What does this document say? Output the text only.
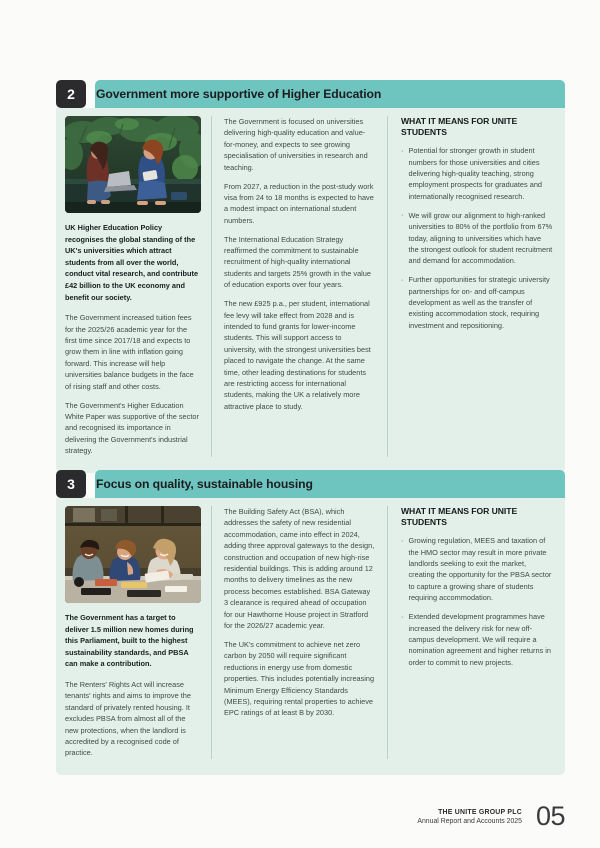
2	Government more supportive of Higher Education

UK Higher Education Policy recognises the global standing of the UK's universities which attract students from all over the world, conduct vital research, and contribute £42 billion to the UK economy and benefit our society.

The Government increased tuition fees for the 2025/26 academic year for the first time since 2017/18 and expects to grow them in line with inflation going forward. This increase will help universities balance budgets in the face of rising staff and other costs.

The Government's Higher Education White Paper was supportive of the sector and recognised its importance in delivering the Government's industrial strategy.

The Government is focused on universities delivering high-quality education and value-for-money, and expects to see growing specialisation of universities in research and teaching.

From 2027, a reduction in the post-study work visa from 24 to 18 months is expected to have a modest impact on international student numbers.

The International Education Strategy reaffirmed the commitment to sustainable recruitment of high-quality international students and targets 25% growth in the value of education exports over four years.

The new £925 p.a., per student, international fee levy will take effect from 2028 and is intended to fund grants for lower-income students. This will support access to university, with the strongest universities best placed to navigate the change. At the same time, other leading destinations for students are restricting access for international students, making the UK a relatively more attractive place to study.

WHAT IT MEANS FOR UNITE STUDENTS
· Potential for stronger growth in student numbers for those universities and cities delivering high-quality teaching, strong employment prospects for graduates and internationally recognised research.
· We will grow our alignment to high-ranked universities to 80% of the portfolio from 67% today, aligning to universities which have the strongest outlook for student recruitment and demand for accommodation.
· Further opportunities for strategic university partnerships for on- and off-campus development as well as the transfer of existing accommodation stock, requiring investment and repositioning.
3	Focus on quality, sustainable housing

The Government has a target to deliver 1.5 million new homes during this Parliament, built to the highest sustainability standards, and PBSA can make a contribution.

The Renters' Rights Act will increase tenants' rights and aims to improve the standard of privately rented housing. It excludes PBSA from almost all of the new protections, when the landlord is accredited by a recognised code of practice.

The Building Safety Act (BSA), which addresses the safety of new residential accommodation, came into effect in 2024, adding three approval gateways to the design, construction and occupation of new high-rise residential buildings. This is adding around 12 months to delivery timelines as the new process becomes established. BSA Gateway 3 clearance is required ahead of occupation for our Hawthorne House project in Stratford for the 2026/27 academic year.

The UK's commitment to achieve net zero carbon by 2050 will require significant reductions in energy use from domestic properties. This includes potentially increasing Minimum Energy Efficiency Standards (MEES), requiring rental properties to achieve EPC ratings of at least B by 2030.

WHAT IT MEANS FOR UNITE STUDENTS
· Growing regulation, MEES and taxation of the HMO sector may result in more private landlords seeking to exit the market, creating the opportunity for the PBSA sector to capture a growing share of students requiring accommodation.
· Extended development programmes have increased the delivery risk for new off-campus development. We will require a nomination agreement and higher returns in order to commit to new projects.
THE UNITE GROUP PLC
Annual Report and Accounts 2025 05
